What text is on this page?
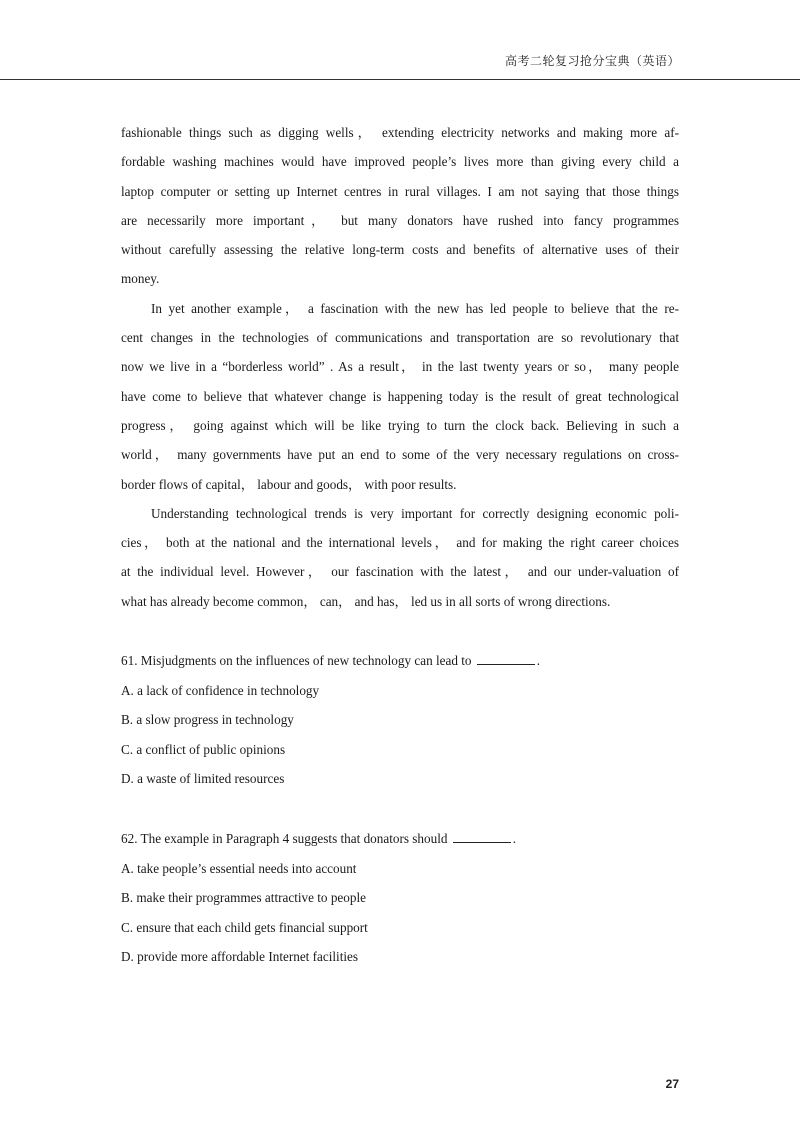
高考二轮复习抢分宝典（英语）
fashionable things such as digging wells， extending electricity networks and making more af-
fordable washing machines would have improved people’s lives more than giving every child a
laptop computer or setting up Internet centres in rural villages. I am not saying that those things
are necessarily more important， but many donators have rushed into fancy programmes
without carefully assessing the relative long-term costs and benefits of alternative uses of their
money.
In yet another example， a fascination with the new has led people to believe that the re-
cent changes in the technologies of communications and transportation are so revolutionary that
now we live in a “borderless world” . As a result， in the last twenty years or so， many people
have come to believe that whatever change is happening today is the result of great technological
progress， going against which will be like trying to turn the clock back. Believing in such a
world， many governments have put an end to some of the very necessary regulations on cross-
border flows of capital， labour and goods， with poor results.
Understanding technological trends is very important for correctly designing economic poli-
cies， both at the national and the international levels， and for making the right career choices
at the individual level. However， our fascination with the latest， and our under-valuation of
what has already become common， can， and has， led us in all sorts of wrong directions.
61. Misjudgments on the influences of new technology can lead to	.
A. a lack of confidence in technology
B. a slow progress in technology
C. a conflict of public opinions
D. a waste of limited resources
62. The example in Paragraph 4 suggests that donators should	.
A. take people’s essential needs into account
B. make their programmes attractive to people
C. ensure that each child gets financial support
D. provide more affordable Internet facilities
27
